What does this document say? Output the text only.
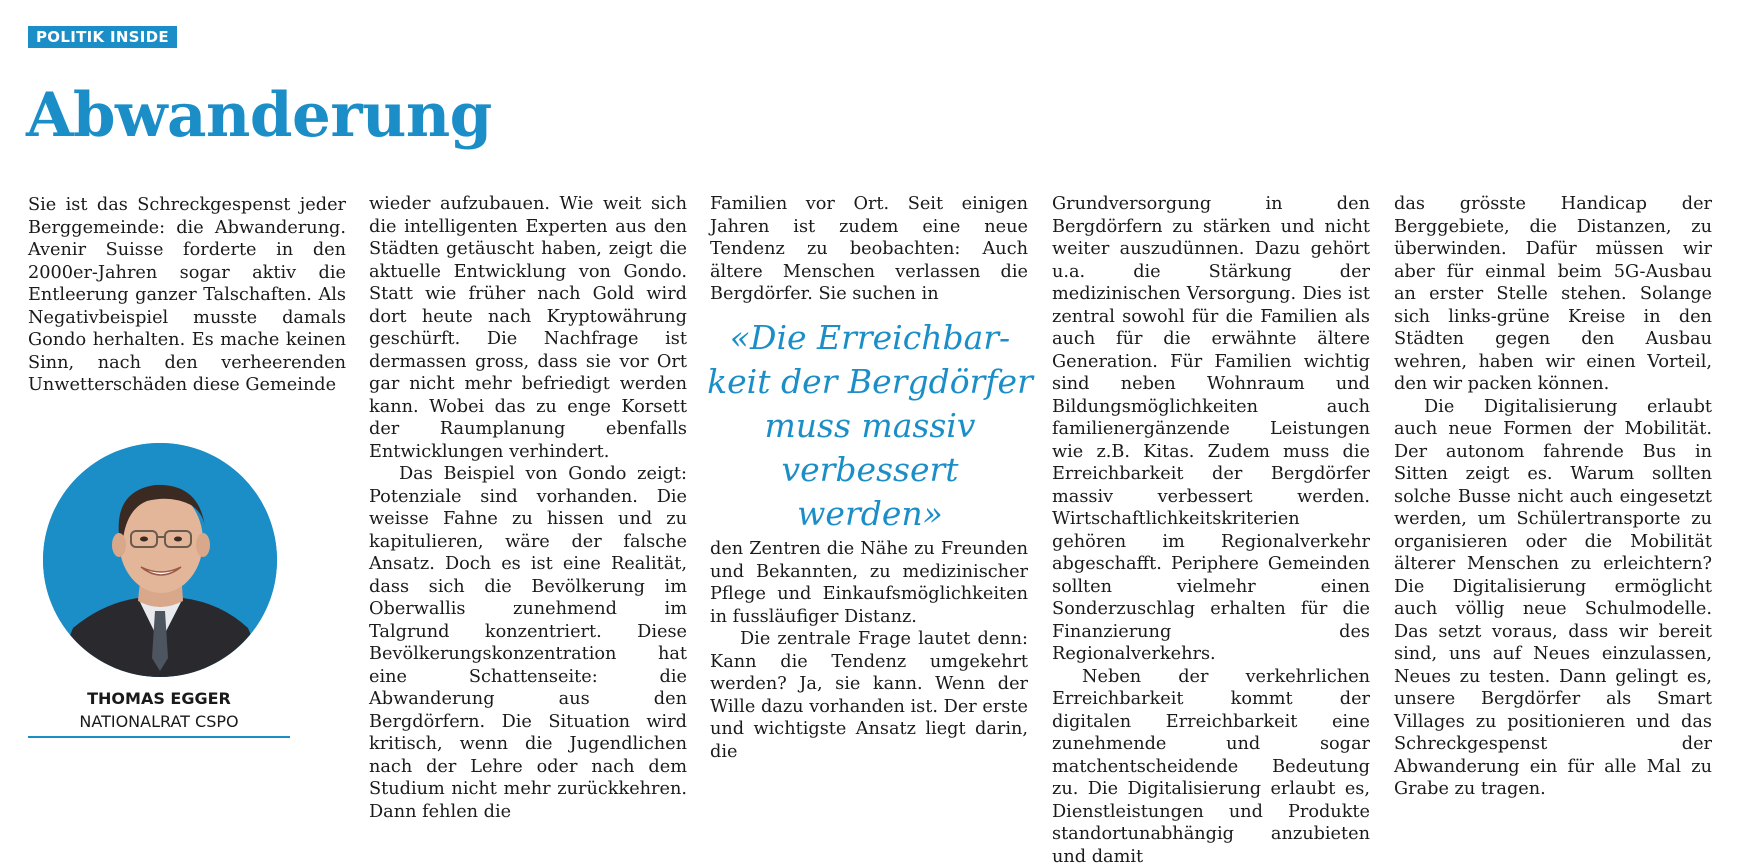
POLITIK INSIDE
Abwanderung

Sie ist das Schreckgespenst jeder Berggemeinde: die Abwanderung. Avenir Suisse forderte in den 2000er-Jahren sogar aktiv die Entleerung ganzer Talschaften. Als Negativbeispiel musste damals Gondo herhalten. Es mache keinen Sinn, nach den verheerenden Unwetterschäden diese Gemeinde

THOMAS EGGER
NATIONALRAT CSPO

wieder aufzubauen. Wie weit sich die intelligenten Experten aus den Städten getäuscht haben, zeigt die aktuelle Entwicklung von Gondo. Statt wie früher nach Gold wird dort heute nach Kryptowährung geschürft. Die Nachfrage ist dermassen gross, dass sie vor Ort gar nicht mehr befriedigt werden kann. Wobei das zu enge Korsett der Raumplanung ebenfalls Entwicklungen verhindert.

Das Beispiel von Gondo zeigt: Potenziale sind vorhanden. Die weisse Fahne zu hissen und zu kapitulieren, wäre der falsche Ansatz. Doch es ist eine Realität, dass sich die Bevölkerung im Oberwallis zunehmend im Talgrund konzentriert. Diese Bevölkerungskonzentration hat eine Schattenseite: die Abwanderung aus den Bergdörfern. Die Situation wird kritisch, wenn die Jugendlichen nach der Lehre oder nach dem Studium nicht mehr zurückkehren. Dann fehlen die

Familien vor Ort. Seit einigen Jahren ist zudem eine neue Tendenz zu beobachten: Auch ältere Menschen verlassen die Bergdörfer. Sie suchen in

«Die Erreichbar-keit der Bergdörfer muss massiv verbessert werden»

den Zentren die Nähe zu Freunden und Bekannten, zu medizinischer Pflege und Einkaufsmöglichkeiten in fussläufiger Distanz.

Die zentrale Frage lautet denn: Kann die Tendenz umgekehrt werden? Ja, sie kann. Wenn der Wille dazu vorhanden ist. Der erste und wichtigste Ansatz liegt darin, die

Grundversorgung in den Bergdörfern zu stärken und nicht weiter auszudünnen. Dazu gehört u.a. die Stärkung der medizinischen Versorgung. Dies ist zentral sowohl für die Familien als auch für die erwähnte ältere Generation. Für Familien wichtig sind neben Wohnraum und Bildungsmöglichkeiten auch familienergänzende Leistungen wie z.B. Kitas. Zudem muss die Erreichbarkeit der Bergdörfer massiv verbessert werden. Wirtschaftlichkeitskriterien gehören im Regionalverkehr abgeschafft. Periphere Gemeinden sollten vielmehr einen Sonderzuschlag erhalten für die Finanzierung des Regionalverkehrs.

Neben der verkehrlichen Erreichbarkeit kommt der digitalen Erreichbarkeit eine zunehmende und sogar matchentscheidende Bedeutung zu. Die Digitalisierung erlaubt es, Dienstleistungen und Produkte standortunabhängig anzubieten und damit

das grösste Handicap der Berggebiete, die Distanzen, zu überwinden. Dafür müssen wir aber für einmal beim 5G-Ausbau an erster Stelle stehen. Solange sich links-grüne Kreise in den Städten gegen den Ausbau wehren, haben wir einen Vorteil, den wir packen können.

Die Digitalisierung erlaubt auch neue Formen der Mobilität. Der autonom fahrende Bus in Sitten zeigt es. Warum sollten solche Busse nicht auch eingesetzt werden, um Schülertransporte zu organisieren oder die Mobilität älterer Menschen zu erleichtern? Die Digitalisierung ermöglicht auch völlig neue Schulmodelle. Das setzt voraus, dass wir bereit sind, uns auf Neues einzulassen, Neues zu testen. Dann gelingt es, unsere Bergdörfer als Smart Villages zu positionieren und das Schreckgespenst der Abwanderung ein für alle Mal zu Grabe zu tragen.
